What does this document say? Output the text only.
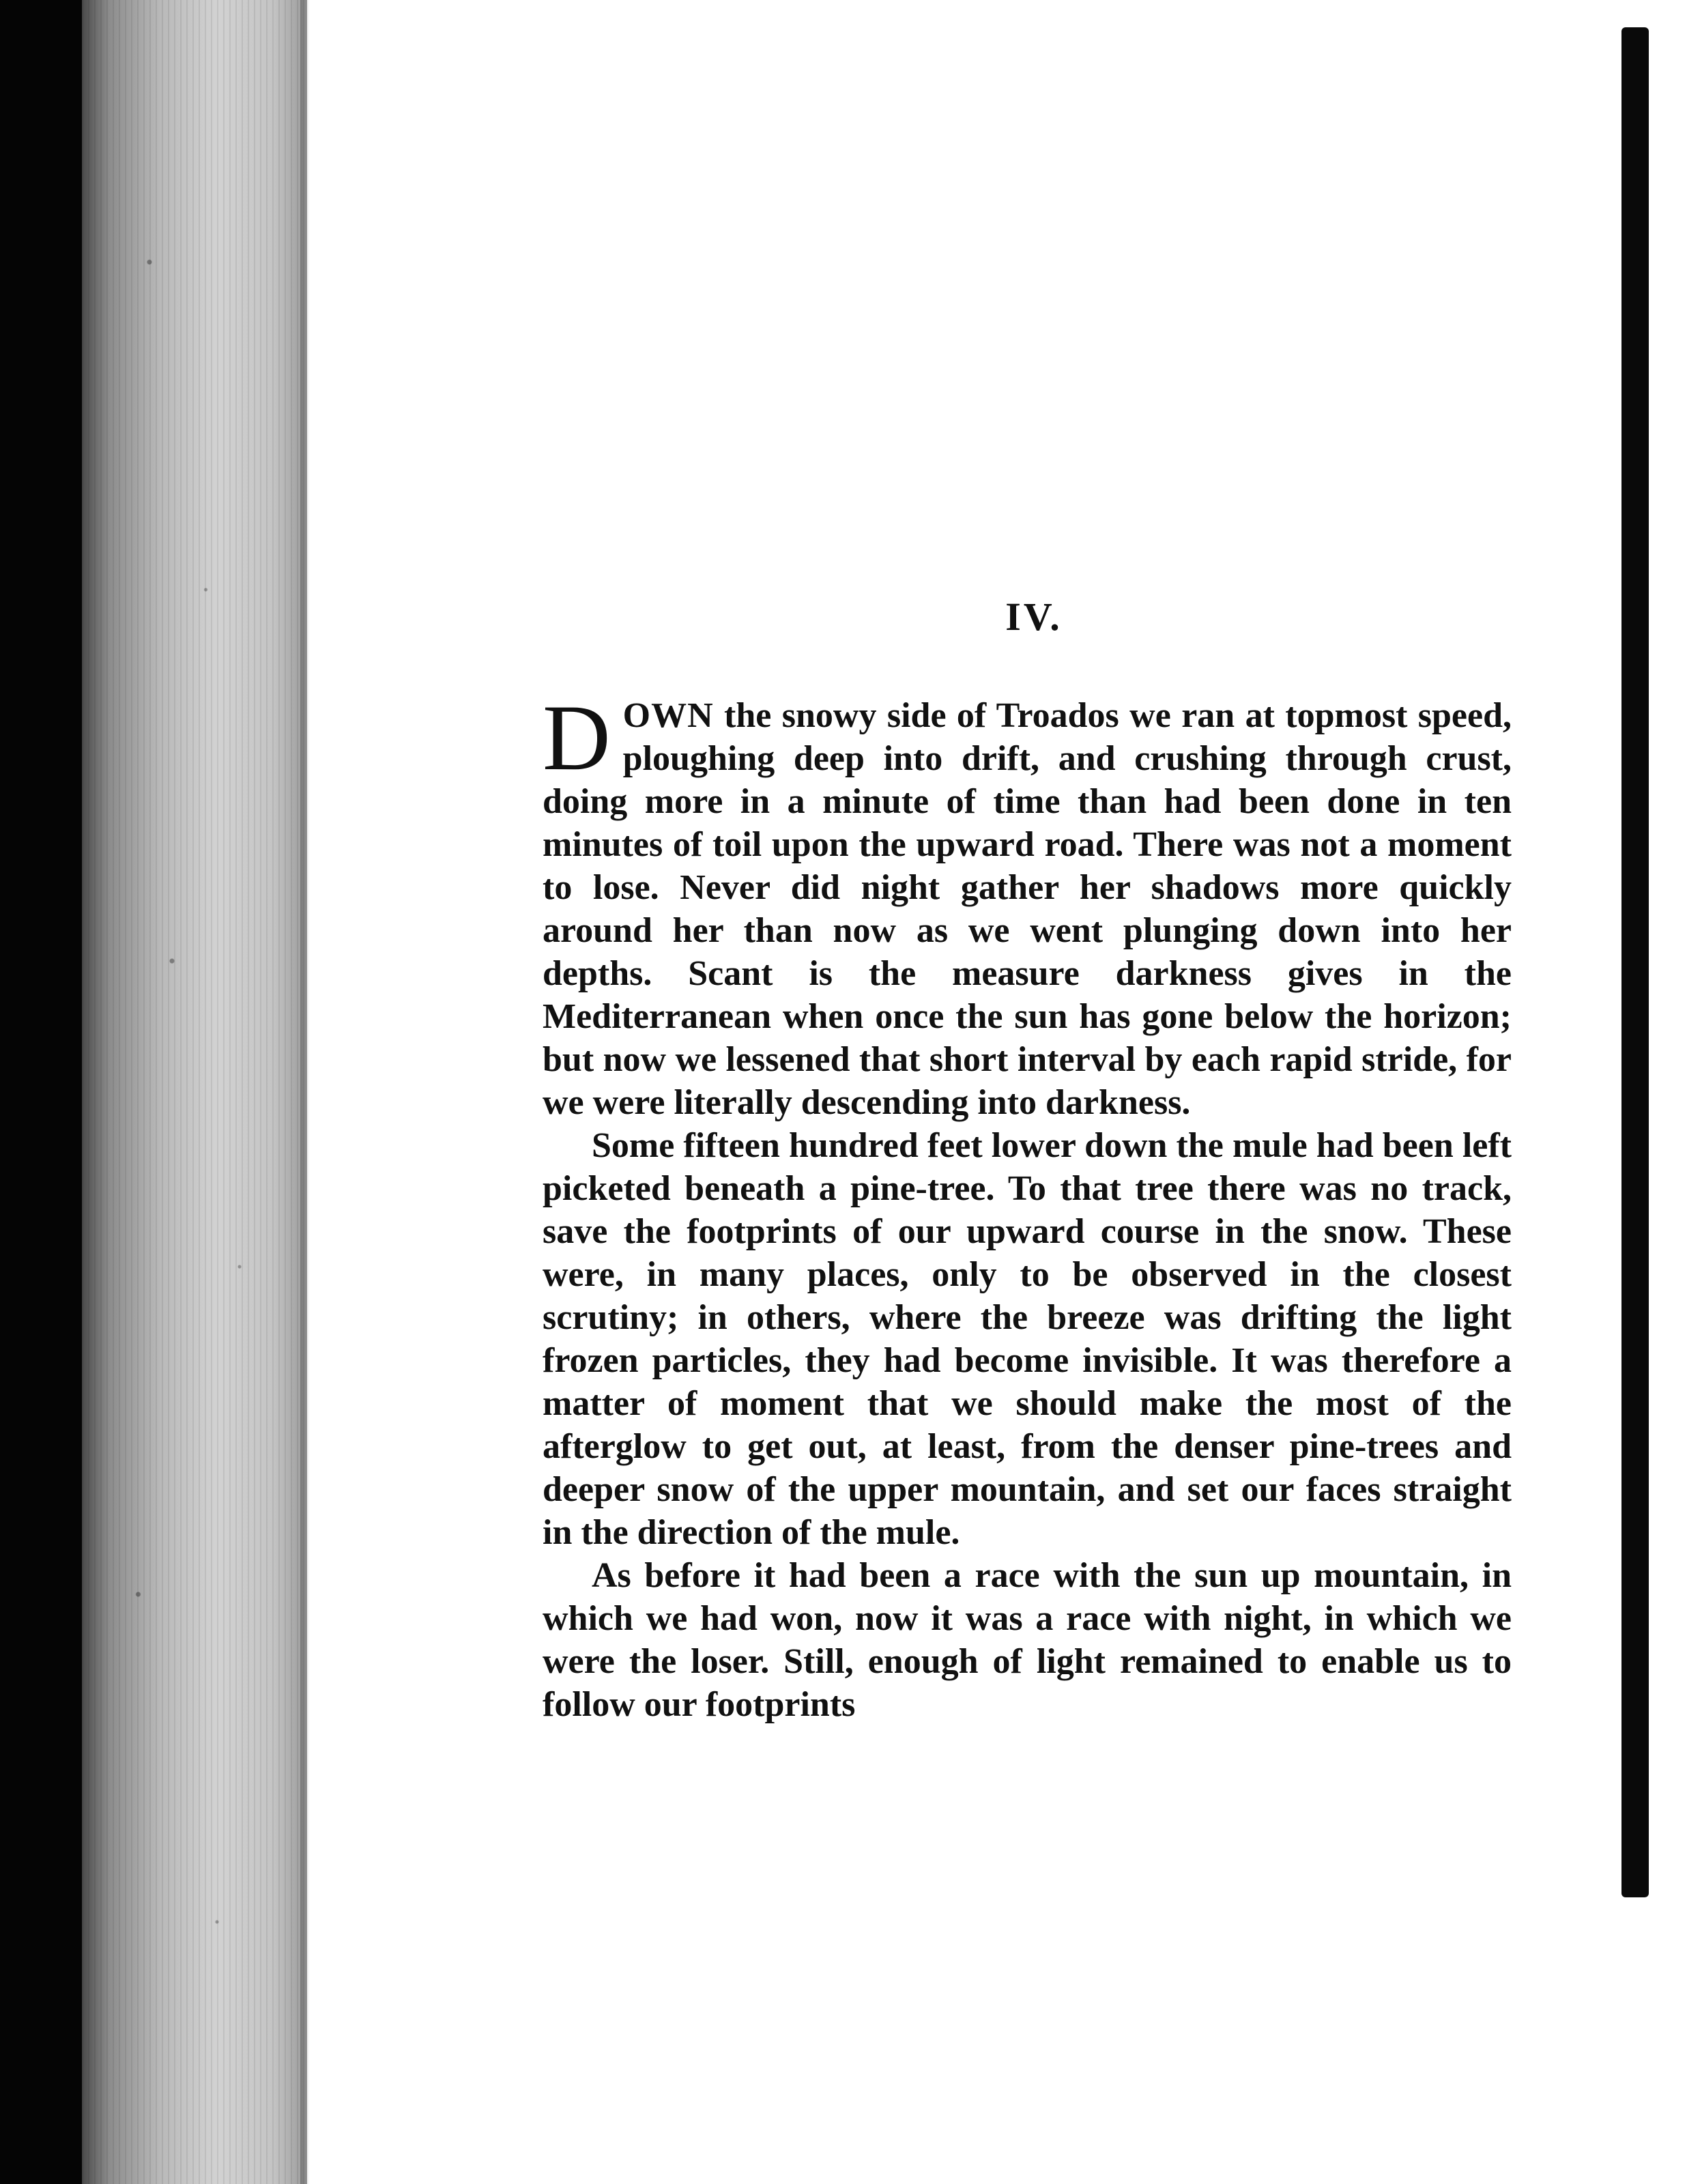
IV.

DOWN the snowy side of Troados we ran at topmost speed, ploughing deep into drift, and crushing through crust, doing more in a minute of time than had been done in ten minutes of toil upon the upward road. There was not a moment to lose. Never did night gather her shadows more quickly around her than now as we went plunging down into her depths. Scant is the measure darkness gives in the Mediterranean when once the sun has gone below the horizon; but now we lessened that short interval by each rapid stride, for we were literally descending into darkness.

Some fifteen hundred feet lower down the mule had been left picketed beneath a pine-tree. To that tree there was no track, save the footprints of our upward course in the snow. These were, in many places, only to be observed in the closest scrutiny; in others, where the breeze was drifting the light frozen particles, they had become invisible. It was therefore a matter of moment that we should make the most of the afterglow to get out, at least, from the denser pine-trees and deeper snow of the upper mountain, and set our faces straight in the direction of the mule.

As before it had been a race with the sun up mountain, in which we had won, now it was a race with night, in which we were the loser. Still, enough of light remained to enable us to follow our footprints
